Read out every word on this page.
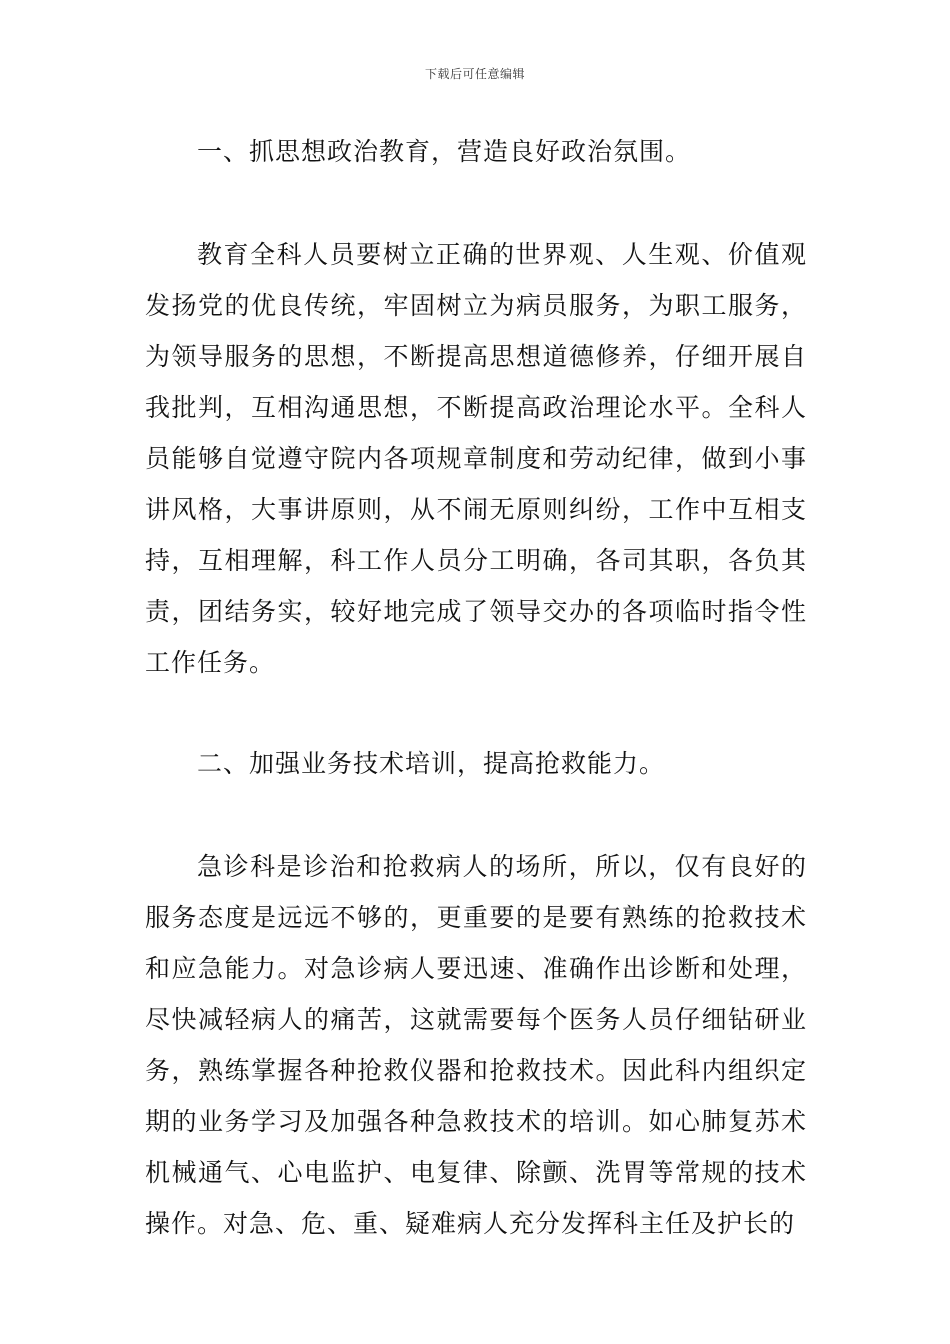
下载后可任意编辑
一、抓思想政治教育，营造良好政治氛围。

教育全科人员要树立正确的世界观、人生观、价值观发扬党的优良传统，牢固树立为病员服务，为职工服务，为领导服务的思想，不断提高思想道德修养，仔细开展自我批判，互相沟通思想，不断提高政治理论水平。全科人员能够自觉遵守院内各项规章制度和劳动纪律，做到小事讲风格，大事讲原则，从不闹无原则纠纷，工作中互相支持，互相理解，科工作人员分工明确，各司其职，各负其责，团结务实，较好地完成了领导交办的各项临时指令性工作任务。

二、加强业务技术培训，提高抢救能力。

急诊科是诊治和抢救病人的场所，所以，仅有良好的服务态度是远远不够的，更重要的是要有熟练的抢救技术和应急能力。对急诊病人要迅速、准确作出诊断和处理，尽快减轻病人的痛苦，这就需要每个医务人员仔细钻研业务，熟练掌握各种抢救仪器和抢救技术。因此科内组织定期的业务学习及加强各种急救技术的培训。如心肺复苏术机械通气、心电监护、电复律、除颤、洗胃等常规的技术操作。对急、危、重、疑难病人充分发挥科主任及护长的
